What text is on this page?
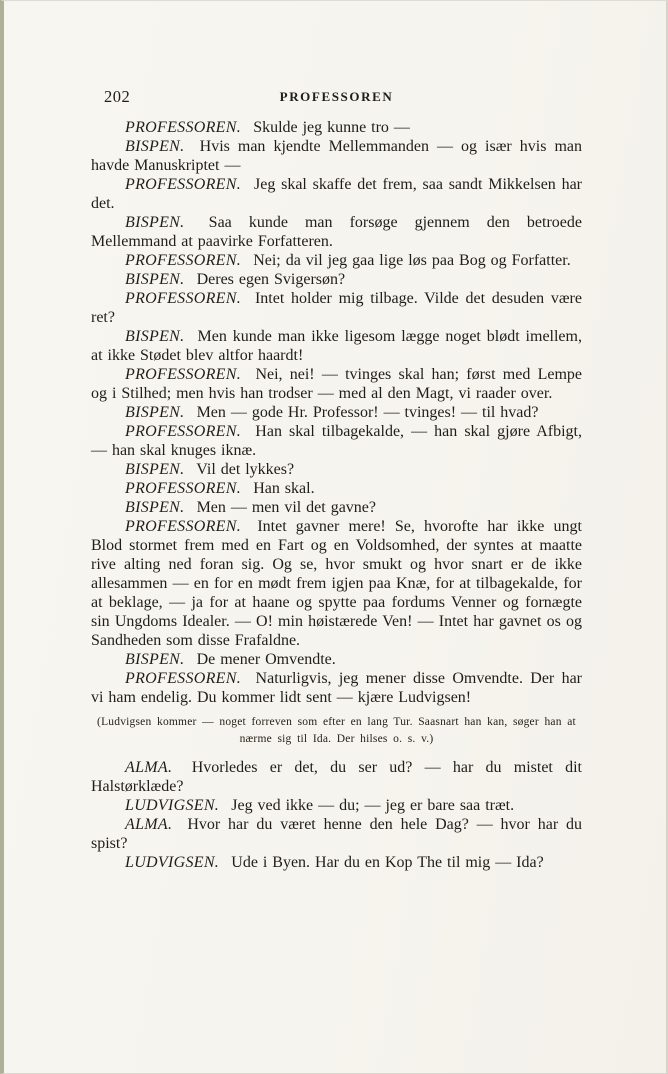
202	PROFESSOREN

PROFESSOREN. Skulde jeg kunne tro —

BISPEN. Hvis man kjendte Mellemmanden — og især hvis man havde Manuskriptet —

PROFESSOREN. Jeg skal skaffe det frem, saa sandt Mikkelsen har det.

BISPEN. Saa kunde man forsøge gjennem den betroede Mellemmand at paavirke Forfatteren.

PROFESSOREN. Nei; da vil jeg gaa lige løs paa Bog og Forfatter.

BISPEN. Deres egen Svigersøn?

PROFESSOREN. Intet holder mig tilbage. Vilde det desuden være ret?

BISPEN. Men kunde man ikke ligesom lægge noget blødt imellem, at ikke Stødet blev altfor haardt!

PROFESSOREN. Nei, nei! — tvinges skal han; først med Lempe og i Stilhed; men hvis han trodser — med al den Magt, vi raader over.

BISPEN. Men — gode Hr. Professor! — tvinges! — til hvad?

PROFESSOREN. Han skal tilbagekalde, — han skal gjøre Afbigt, — han skal knuges iknæ.

BISPEN. Vil det lykkes?

PROFESSOREN. Han skal.

BISPEN. Men — men vil det gavne?

PROFESSOREN. Intet gavner mere! Se, hvorofte har ikke ungt Blod stormet frem med en Fart og en Voldsomhed, der syntes at maatte rive alting ned foran sig. Og se, hvor smukt og hvor snart er de ikke allesammen — en for en mødt frem igjen paa Knæ, for at tilbagekalde, for at beklage, — ja for at haane og spytte paa fordums Venner og fornægte sin Ungdoms Idealer. — O! min høistærede Ven! — Intet har gavnet os og Sandheden som disse Frafaldne.

BISPEN. De mener Omvendte.

PROFESSOREN. Naturligvis, jeg mener disse Omvendte. Der har vi ham endelig. Du kommer lidt sent — kjære Ludvigsen!

(Ludvigsen kommer — noget forreven som efter en lang Tur. Saasnart han kan, søger han at nærme sig til Ida. Der hilses o. s. v.)

ALMA. Hvorledes er det, du ser ud? — har du mistet dit Halstørklæde?

LUDVIGSEN. Jeg ved ikke — du; — jeg er bare saa træt.

ALMA. Hvor har du været henne den hele Dag? — hvor har du spist?

LUDVIGSEN. Ude i Byen. Har du en Kop The til mig — Ida?
